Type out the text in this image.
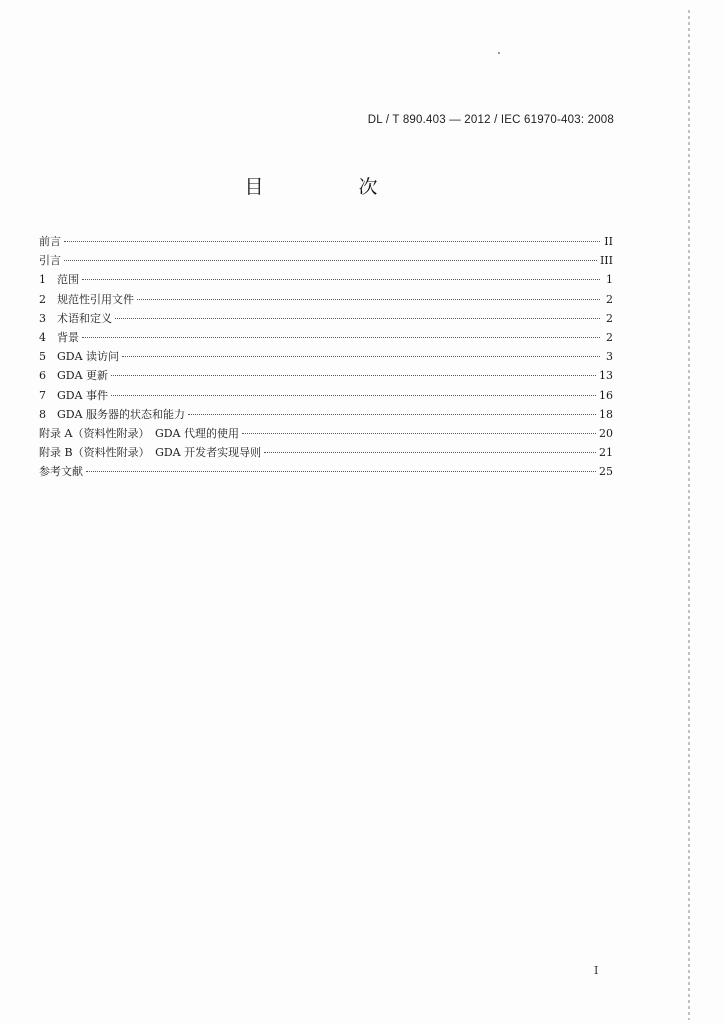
DL / T 890.403 — 2012 / IEC 61970-403: 2008
目　次
前言	II
引言	III
1	范围	1
2	规范性引用文件	2
3	术语和定义	2
4	背景	2
5	GDA 读访问	3
6	GDA 更新	13
7	GDA 事件	16
8	GDA 服务器的状态和能力	18
附录 A（资料性附录）　GDA 代理的使用	20
附录 B（资料性附录）　GDA 开发者实现导则	21
参考文献	25
I
